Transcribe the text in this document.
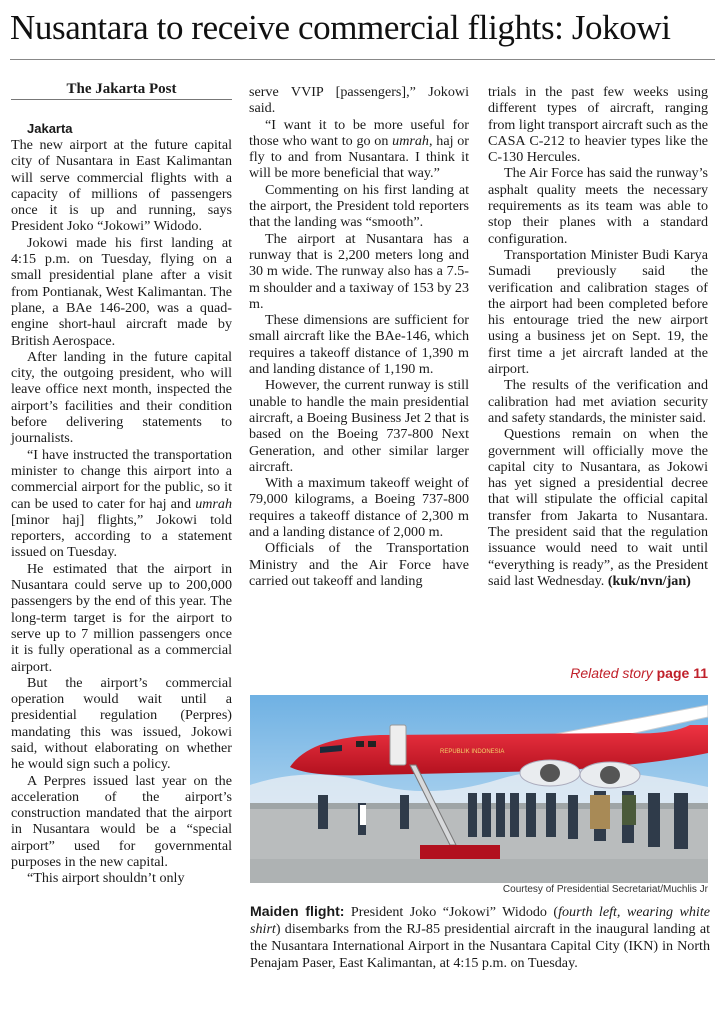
Nusantara to receive commercial flights: Jokowi
The Jakarta Post

Jakarta

The new airport at the future capital city of Nusantara in East Kalimantan will serve commercial flights with a capacity of millions of passengers once it is up and running, says President Joko “Jokowi” Widodo.

Jokowi made his first landing at 4:15 p.m. on Tuesday, flying on a small presidential plane after a visit from Pontianak, West Kalimantan. The plane, a BAe 146-200, was a quad-engine short-haul aircraft made by British Aerospace.

After landing in the future capital city, the outgoing president, who will leave office next month, inspected the airport’s facilities and their condition before delivering statements to journalists.

“I have instructed the transportation minister to change this airport into a commercial airport for the public, so it can be used to cater for haj and umrah [minor haj] flights,” Jokowi told reporters, according to a statement issued on Tuesday.

He estimated that the airport in Nusantara could serve up to 200,000 passengers by the end of this year. The long-term target is for the airport to serve up to 7 million passengers once it is fully operational as a commercial airport.

But the airport’s commercial operation would wait until a presidential regulation (Perpres) mandating this was issued, Jokowi said, without elaborating on whether he would sign such a policy.

A Perpres issued last year on the acceleration of the airport’s construction mandated that the airport in Nusantara would be a “special airport” used for governmental purposes in the new capital.

“This airport shouldn’t only

serve VVIP [passengers],” Jokowi said.

“I want it to be more useful for those who want to go on umrah, haj or fly to and from Nusantara. I think it will be more beneficial that way.”

Commenting on his first landing at the airport, the President told reporters that the landing was “smooth”.

The airport at Nusantara has a runway that is 2,200 meters long and 30 m wide. The runway also has a 7.5-m shoulder and a taxiway of 153 by 23 m.

These dimensions are sufficient for small aircraft like the BAe-146, which requires a takeoff distance of 1,390 m and landing distance of 1,190 m.

However, the current runway is still unable to handle the main presidential aircraft, a Boeing Business Jet 2 that is based on the Boeing 737-800 Next Generation, and other similar larger aircraft.

With a maximum takeoff weight of 79,000 kilograms, a Boeing 737-800 requires a takeoff distance of 2,300 m and a landing distance of 2,000 m.

Officials of the Transportation Ministry and the Air Force have carried out takeoff and landing

trials in the past few weeks using different types of aircraft, ranging from light transport aircraft such as the CASA C-212 to heavier types like the C-130 Hercules.

The Air Force has said the runway’s asphalt quality meets the necessary requirements as its team was able to stop their planes with a standard configuration.

Transportation Minister Budi Karya Sumadi previously said the verification and calibration stages of the airport had been completed before his entourage tried the new airport using a business jet on Sept. 19, the first time a jet aircraft landed at the airport.

The results of the verification and calibration had met aviation security and safety standards, the minister said.

Questions remain on when the government will officially move the capital city to Nusantara, as Jokowi has yet signed a presidential decree that will stipulate the official capital transfer from Jakarta to Nusantara. The president said that the regulation issuance would need to wait until “everything is ready”, as the President said last Wednesday. (kuk/nvn/jan)

Related story page 11
REPUBLIK INDONESIA
Courtesy of Presidential Secretariat/Muchlis Jr
Maiden flight: President Joko “Jokowi” Widodo (fourth left, wearing white shirt) disembarks from the RJ-85 presidential aircraft in the inaugural landing at the Nusantara International Airport in the Nusantara Capital City (IKN) in North Penajam Paser, East Kalimantan, at 4:15 p.m. on Tuesday.
